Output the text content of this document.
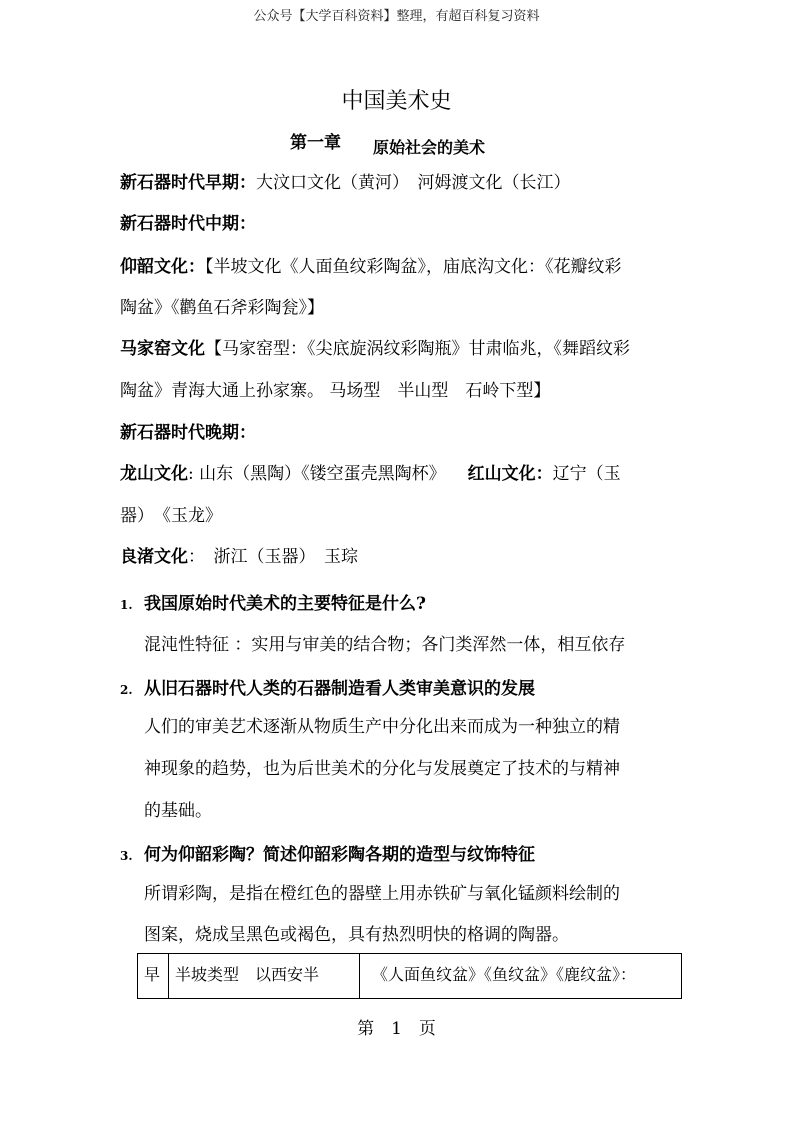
公众号【大学百科资料】整理，有超百科复习资料
中国美术史
第一章 原始社会的美术
新石器时代早期：大汶口文化（黄河）　河姆渡文化（长江）
新石器时代中期：
仰韶文化：【半坡文化《人面鱼纹彩陶盆》，庙底沟文化：《花瓣纹彩
陶盆》《鹳鱼石斧彩陶瓮》】
马家窑文化【马家窑型：《尖底旋涡纹彩陶瓶》甘肃临兆，《舞蹈纹彩
陶盆》青海大通上孙家寨。 马场型　半山型　石岭下型】
新石器时代晚期：
龙山文化: 山东（黑陶）《镂空蛋壳黑陶杯》 红山文化：辽宁（玉
器）　《玉龙》
良渚文化：　浙江（玉器）　玉琮
1. 我国原始时代美术的主要特征是什么?
混沌性特征 ：实用与审美的结合物；各门类浑然一体，相互依存
2. 从旧石器时代人类的石器制造看人类审美意识的发展
人们的审美艺术逐渐从物质生产中分化出来而成为一种独立的精
神现象的趋势，也为后世美术的分化与发展奠定了技术的与精神
的基础。
3. 何为仰韶彩陶？简述仰韶彩陶各期的造型与纹饰特征
所谓彩陶，是指在橙红色的器壁上用赤铁矿与氧化锰颜料绘制的
图案，烧成呈黑色或褐色，具有热烈明快的格调的陶器。
早	半坡类型　以西安半	《人面鱼纹盆》《鱼纹盆》《鹿纹盆》：
第　1　页
